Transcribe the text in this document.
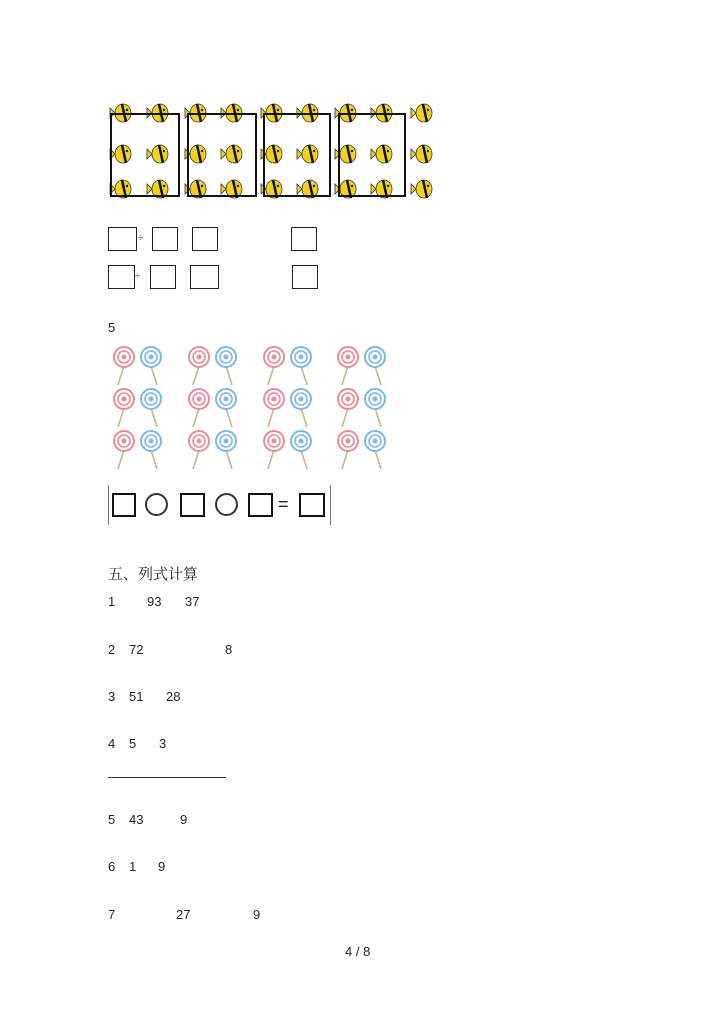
÷
÷
5
=
五、列式计算
1 93 37
2 72	8
3 51 28
4 5 3
5 43	9
6 1 9
7	27	9
4 / 8
